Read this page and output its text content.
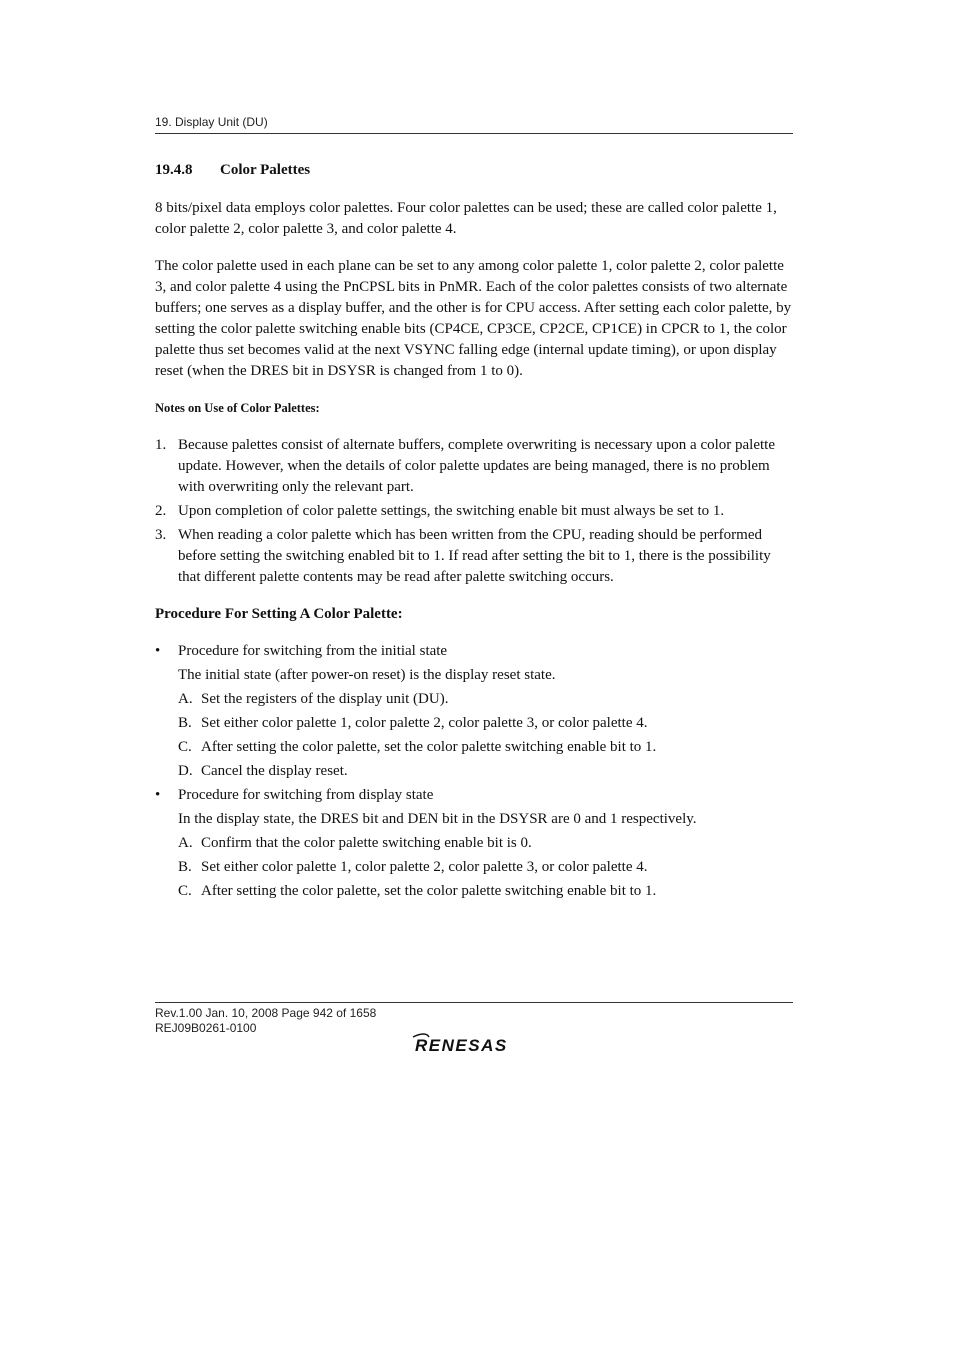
19. Display Unit (DU)
19.4.8 Color Palettes

8 bits/pixel data employs color palettes. Four color palettes can be used; these are called color palette 1, color palette 2, color palette 3, and color palette 4.

The color palette used in each plane can be set to any among color palette 1, color palette 2, color palette 3, and color palette 4 using the PnCPSL bits in PnMR. Each of the color palettes consists of two alternate buffers; one serves as a display buffer, and the other is for CPU access. After setting each color palette, by setting the color palette switching enable bits (CP4CE, CP3CE, CP2CE, CP1CE) in CPCR to 1, the color palette thus set becomes valid at the next VSYNC falling edge (internal update timing), or upon display reset (when the DRES bit in DSYSR is changed from 1 to 0).

Notes on Use of Color Palettes:
1. Because palettes consist of alternate buffers, complete overwriting is necessary upon a color palette update. However, when the details of color palette updates are being managed, there is no problem with overwriting only the relevant part.
2. Upon completion of color palette settings, the switching enable bit must always be set to 1.
3. When reading a color palette which has been written from the CPU, reading should be performed before setting the switching enabled bit to 1. If read after setting the bit to 1, there is the possibility that different palette contents may be read after palette switching occurs.
Procedure For Setting A Color Palette:
• Procedure for switching from the initial state
The initial state (after power-on reset) is the display reset state.
A. Set the registers of the display unit (DU).
B. Set either color palette 1, color palette 2, color palette 3, or color palette 4.
C. After setting the color palette, set the color palette switching enable bit to 1.
D. Cancel the display reset.
• Procedure for switching from display state
In the display state, the DRES bit and DEN bit in the DSYSR are 0 and 1 respectively.
A. Confirm that the color palette switching enable bit is 0.
B. Set either color palette 1, color palette 2, color palette 3, or color palette 4.
C. After setting the color palette, set the color palette switching enable bit to 1.
Rev.1.00 Jan. 10, 2008 Page 942 of 1658
REJ09B0261-0100
RENESAS
